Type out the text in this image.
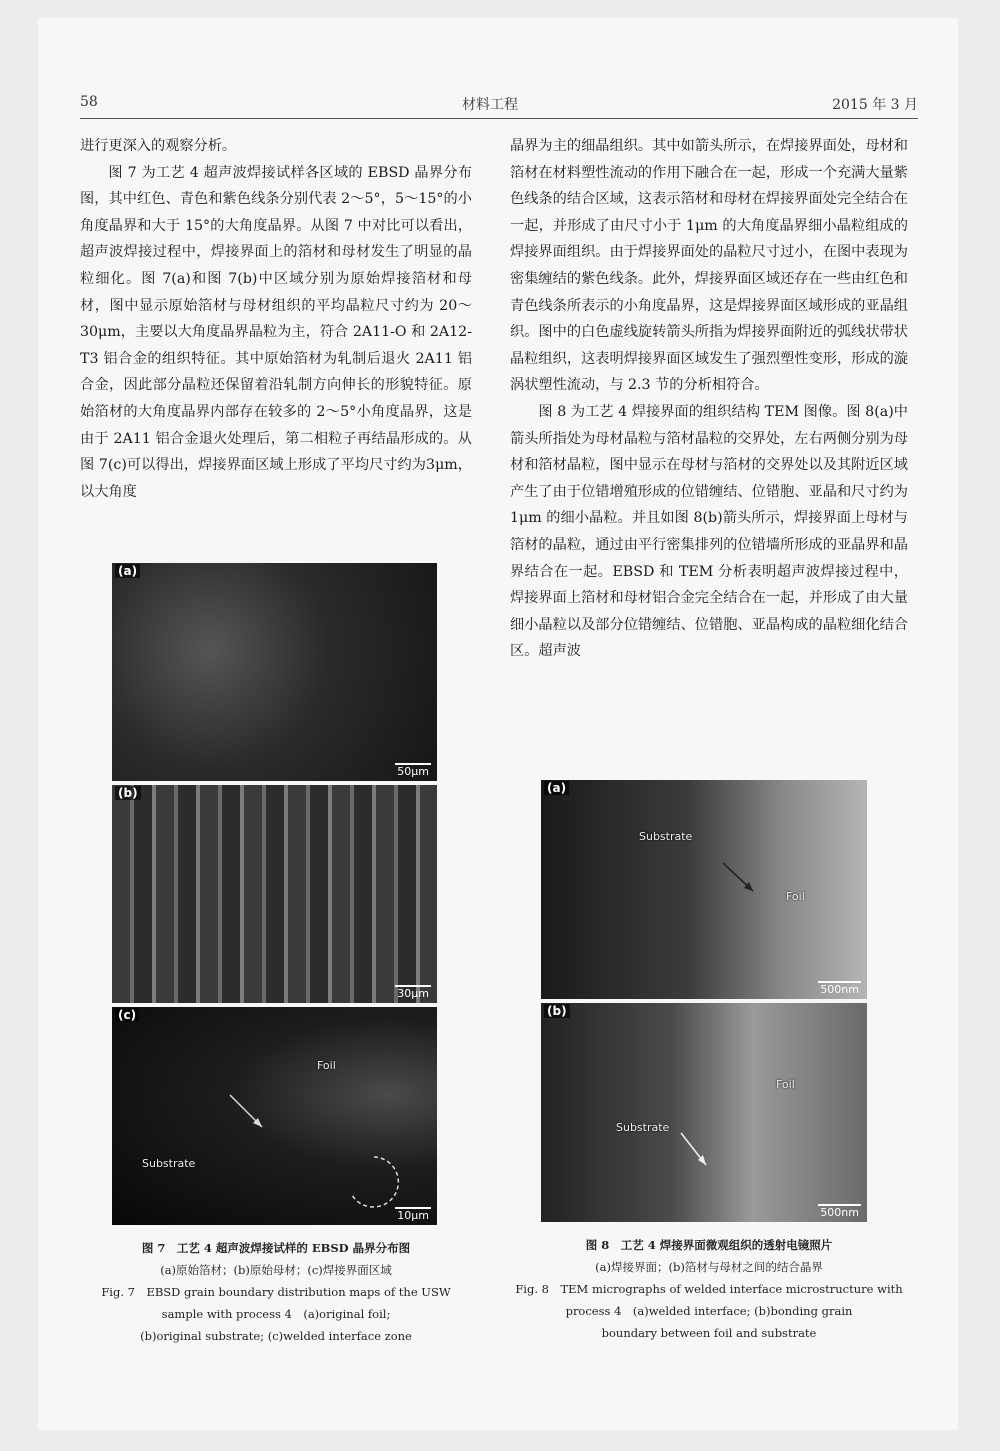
58	材料工程	2015 年 3 月

进行更深入的观察分析。

图 7 为工艺 4 超声波焊接试样各区域的 EBSD 晶界分布图，其中红色、青色和紫色线条分别代表 2～5°，5～15°的小角度晶界和大于 15°的大角度晶界。从图 7 中对比可以看出，超声波焊接过程中，焊接界面上的箔材和母材发生了明显的晶粒细化。图 7(a)和图 7(b)中区域分别为原始焊接箔材和母材，图中显示原始箔材与母材组织的平均晶粒尺寸约为 20～30μm，主要以大角度晶界晶粒为主，符合 2A11-O 和 2A12-T3 铝合金的组织特征。其中原始箔材为轧制后退火 2A11 铝合金，因此部分晶粒还保留着沿轧制方向伸长的形貌特征。原始箔材的大角度晶界内部存在较多的 2～5°小角度晶界，这是由于 2A11 铝合金退火处理后，第二相粒子再结晶形成的。从图 7(c)可以得出，焊接界面区域上形成了平均尺寸约为3μm，以大角度

晶界为主的细晶组织。其中如箭头所示，在焊接界面处，母材和箔材在材料塑性流动的作用下融合在一起，形成一个充满大量紫色线条的结合区域，这表示箔材和母材在焊接界面处完全结合在一起，并形成了由尺寸小于 1μm 的大角度晶界细小晶粒组成的焊接界面组织。由于焊接界面处的晶粒尺寸过小，在图中表现为密集缠结的紫色线条。此外，焊接界面区域还存在一些由红色和青色线条所表示的小角度晶界，这是焊接界面区域形成的亚晶组织。图中的白色虚线旋转箭头所指为焊接界面附近的弧线状带状晶粒组织，这表明焊接界面区域发生了强烈塑性变形，形成的漩涡状塑性流动，与 2.3 节的分析相符合。

图 8 为工艺 4 焊接界面的组织结构 TEM 图像。图 8(a)中箭头所指处为母材晶粒与箔材晶粒的交界处，左右两侧分别为母材和箔材晶粒，图中显示在母材与箔材的交界处以及其附近区域产生了由于位错增殖形成的位错缠结、位错胞、亚晶和尺寸约为 1μm 的细小晶粒。并且如图 8(b)箭头所示，焊接界面上母材与箔材的晶粒，通过由平行密集排列的位错墙所形成的亚晶界和晶界结合在一起。EBSD 和 TEM 分析表明超声波焊接过程中，焊接界面上箔材和母材铝合金完全结合在一起，并形成了由大量细小晶粒以及部分位错缠结、位错胞、亚晶构成的晶粒细化结合区。超声波

(a)
50μm
(b)
30μm
(c)
Foil
Substrate
10μm
图 7　工艺 4 超声波焊接试样的 EBSD 晶界分布图
(a)原始箔材；(b)原始母材；(c)焊接界面区域
Fig. 7　EBSD grain boundary distribution maps of the USW
sample with process 4　(a)original foil;
(b)original substrate; (c)welded interface zone
(a)
Substrate
Foil
500nm
(b)
Foil
Substrate
500nm
图 8　工艺 4 焊接界面微观组织的透射电镜照片
(a)焊接界面；(b)箔材与母材之间的结合晶界
Fig. 8　TEM micrographs of welded interface microstructure with
process 4　(a)welded interface; (b)bonding grain
boundary between foil and substrate
